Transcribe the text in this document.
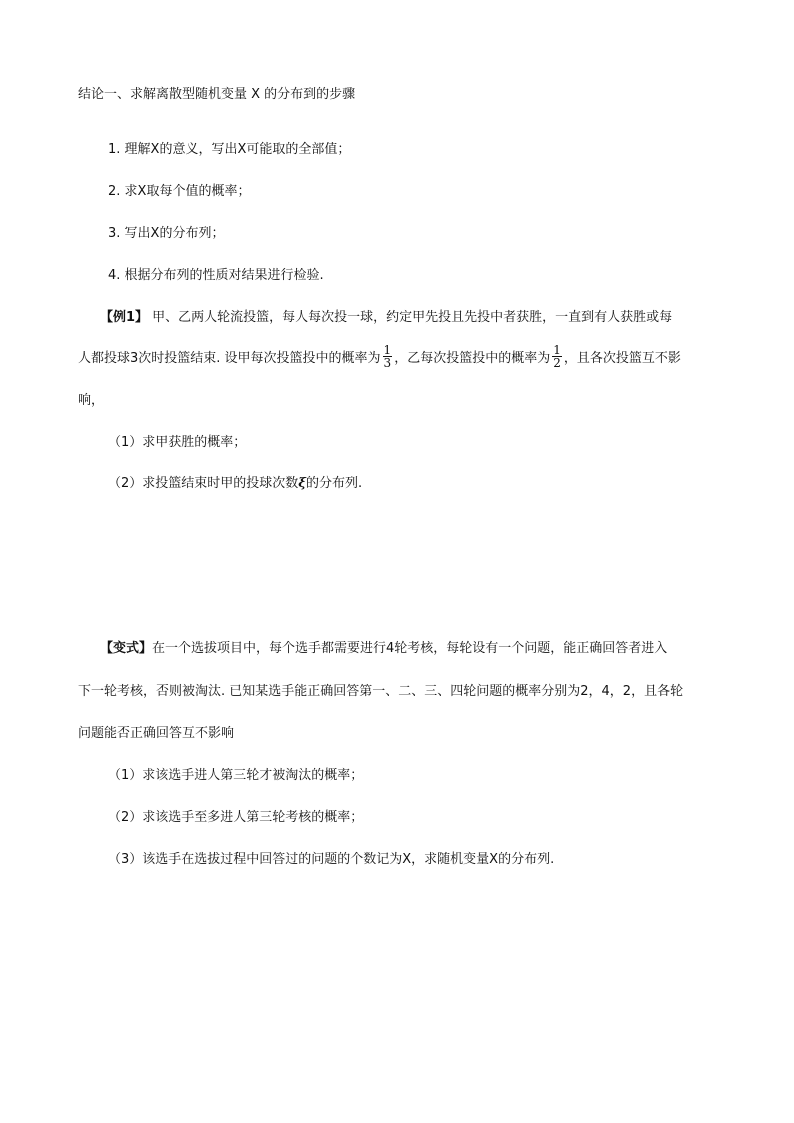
结论一、求解离散型随机变量 X 的分布到的步骤
1. 理解X的意义，写出X可能取的全部值；
2. 求X取每个值的概率；
3. 写出X的分布列；
4. 根据分布列的性质对结果进行检验.
【例1】 甲、乙两人轮流投篮，每人每次投一球，约定甲先投且先投中者获胜，一直到有人获胜或每
人都投球3次时投篮结束. 设甲每次投篮投中的概率为 $\frac{1}{3}$ ，乙每次投篮投中的概率为 $\frac{1}{2}$ ，且各次投篮互不影
响，
（1）求甲获胜的概率；
（2）求投篮结束时甲的投球次数ξ的分布列.
【变式】在一个选拔项目中，每个选手都需要进行4轮考核，每轮设有一个问题，能正确回答者进入
下一轮考核，否则被淘汰. 已知某选手能正确回答第一、二、三、四轮问题的概率分别为2，4，2，且各轮
问题能否正确回答互不影响
（1）求该选手进人第三轮才被淘汰的概率；
（2）求该选手至多进人第三轮考核的概率；
（3）该选手在选拔过程中回答过的问题的个数记为X，求随机变量X的分布列.
